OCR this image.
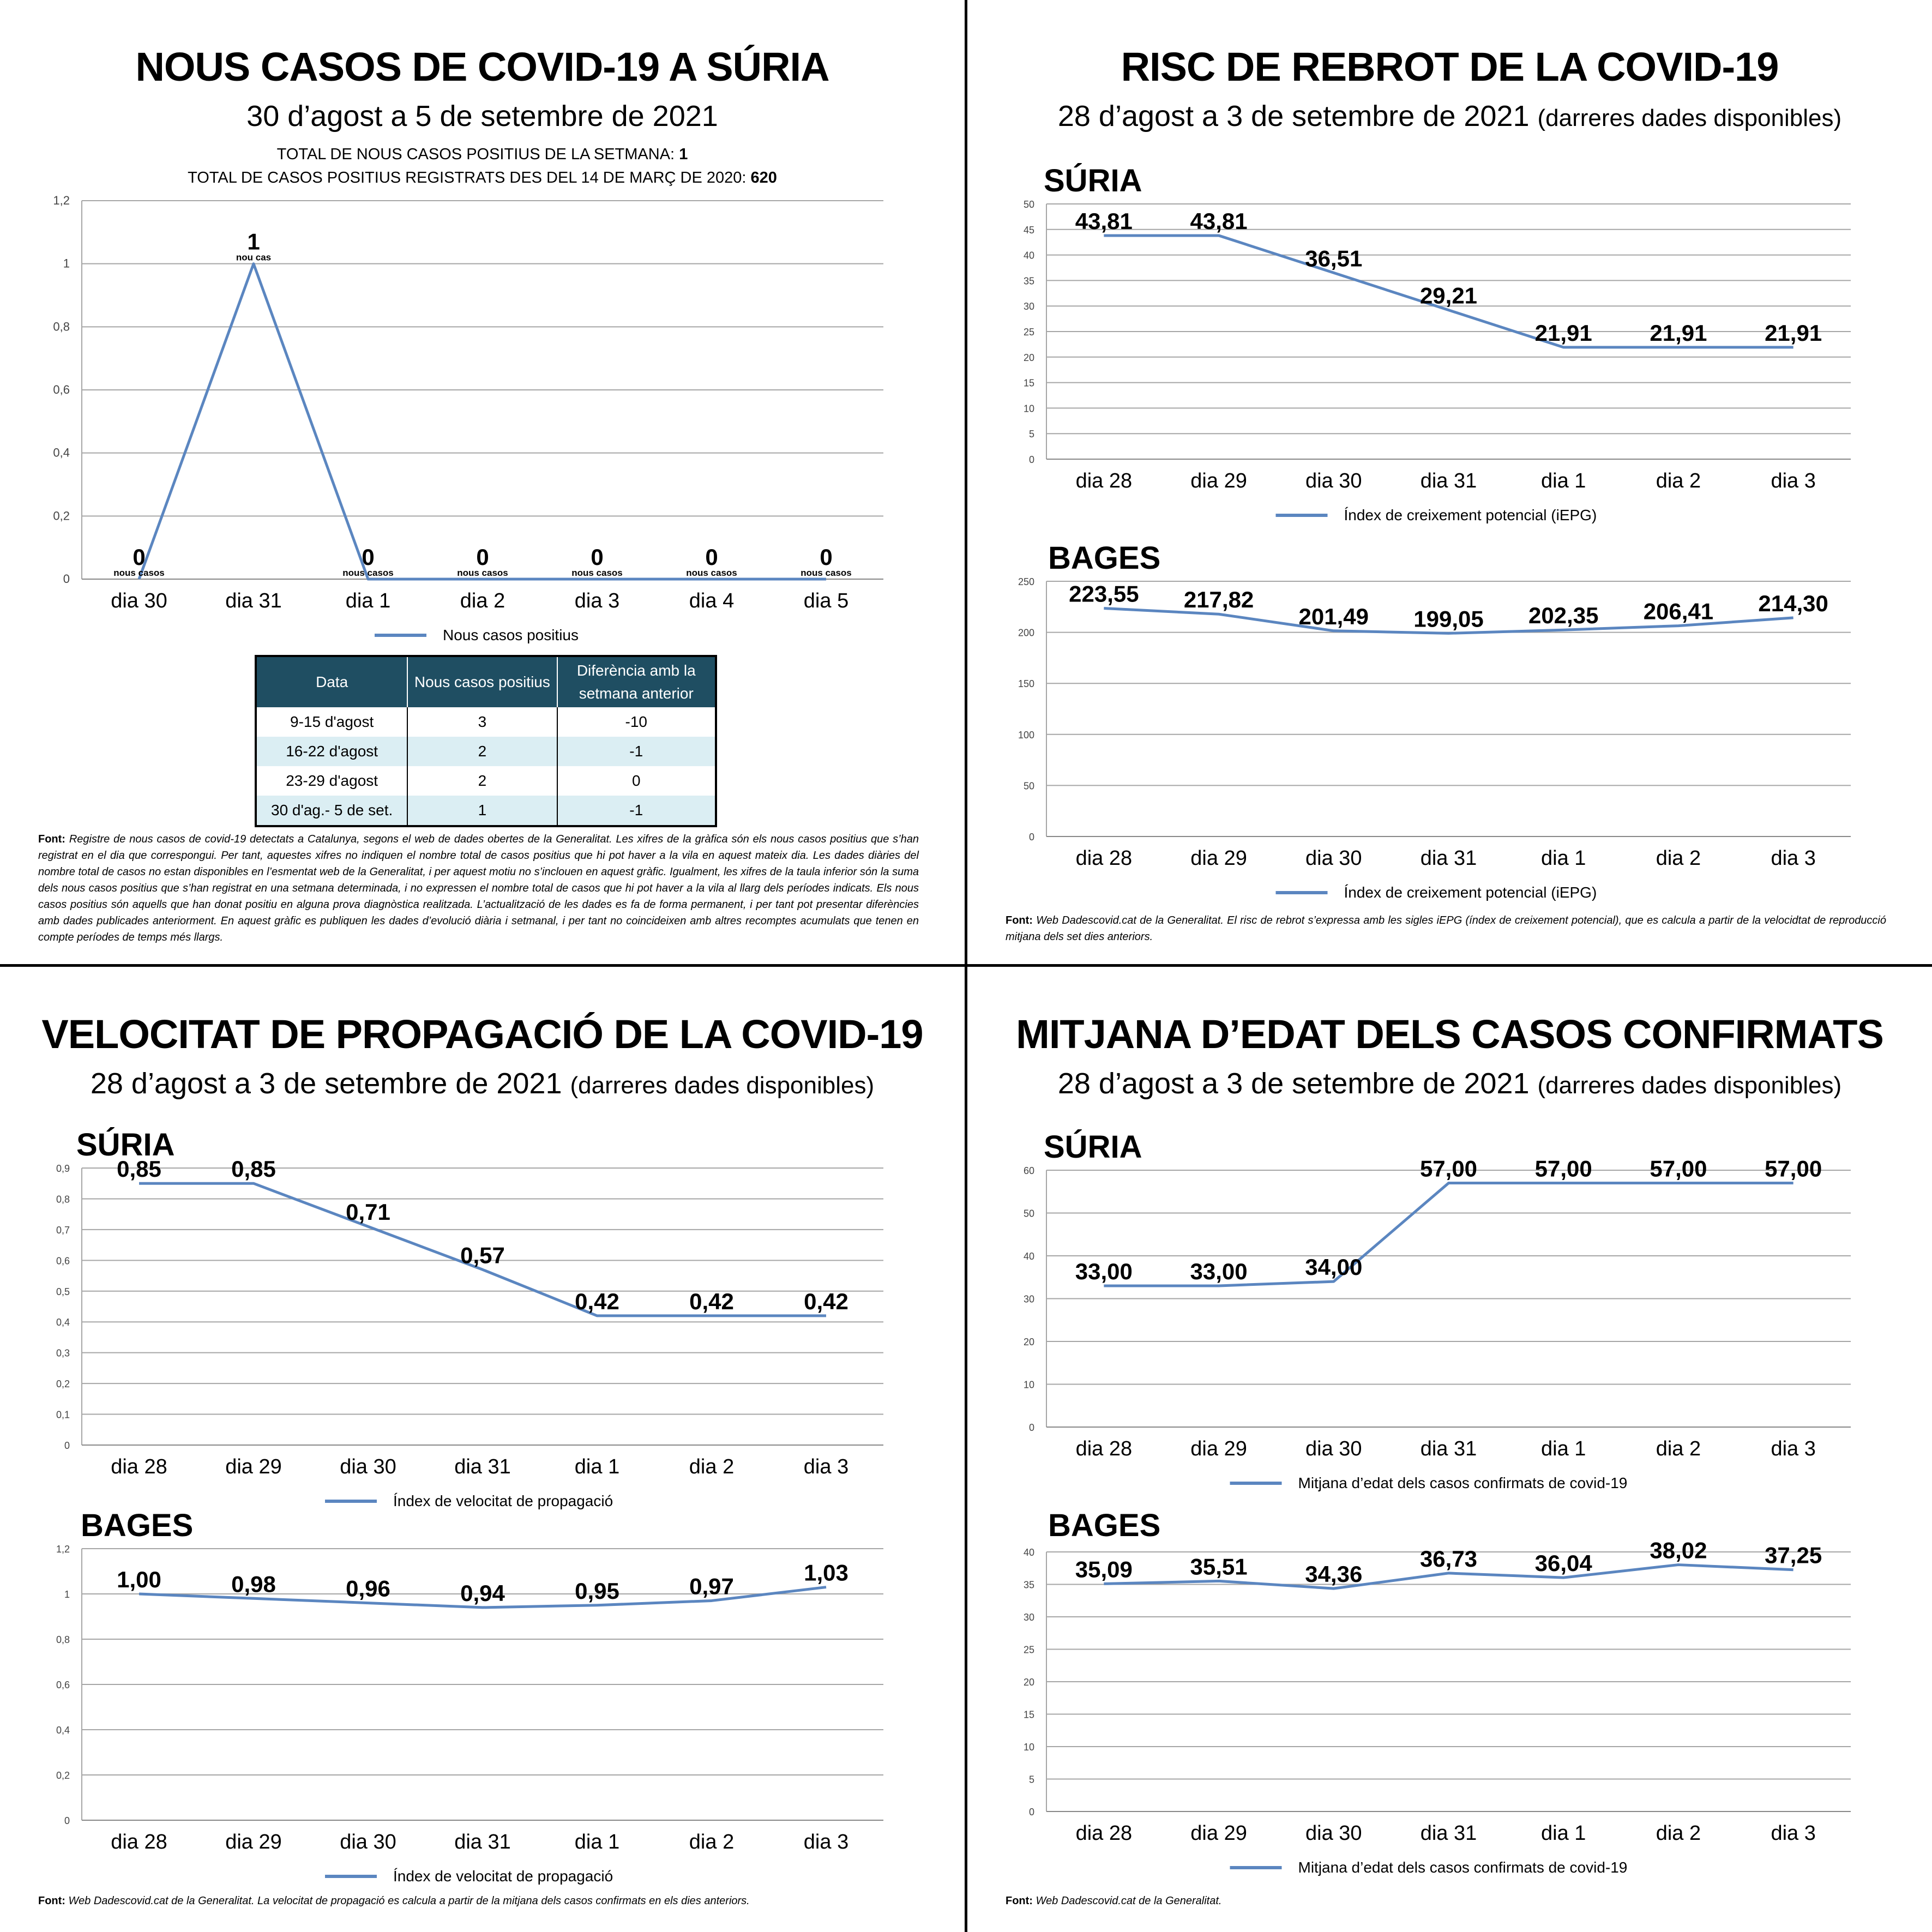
NOUS CASOS DE COVID-19 A SÚRIA
30 d’agost a 5 de setembre de 2021
TOTAL DE NOUS CASOS POSITIUS DE LA SETMANA: 1
TOTAL DE CASOS POSITIUS REGISTRATS DES DEL 14 DE MARÇ DE 2020: 620
0
0,2
0,4
0,6
0,8
1
1,2
dia 30	dia 31	dia 1	dia 2	dia 3	dia 4	dia 5
0
nous casos
1
nou cas
0
nous casos
0
nous casos
0
nous casos
0
nous casos
0
nous casos
Nous casos positius
Data	Nous casos positius	Diferència amb la setmana anterior
9-15 d'agost	3	-10
16-22 d'agost	2	-1
23-29 d'agost	2	0
30 d'ag.- 5 de set.	1	-1
Font: Registre de nous casos de covid-19 detectats a Catalunya, segons el web de dades obertes de la Generalitat. Les xifres de la gràfica són els nous casos positius que s’han registrat en el dia que correspongui. Per tant, aquestes xifres no indiquen el nombre total de casos positius que hi pot haver a la vila en aquest mateix dia. Les dades diàries del nombre total de casos no estan disponibles en l’esmentat web de la Generalitat, i per aquest motiu no s’inclouen en aquest gràfic. Igualment, les xifres de la taula inferior són la suma dels nous casos positius que s’han registrat en una setmana determinada, i no expressen el nombre total de casos que hi pot haver a la vila al llarg dels períodes indicats. Els nous casos positius són aquells que han donat positiu en alguna prova diagnòstica realitzada. L’actualització de les dades es fa de forma permanent, i per tant pot presentar diferències amb dades publicades anteriorment. En aquest gràfic es publiquen les dades d’evolució diària i setmanal, i per tant no coincideixen amb altres recomptes acumulats que tenen en compte períodes de temps més llargs.
RISC DE REBROT DE LA COVID-19
28 d’agost a 3 de setembre de 2021 (darreres dades disponibles)
SÚRIA
0
5
10
15
20
25
30
35
40
45
50
dia 28	dia 29	dia 30	dia 31	dia 1	dia 2	dia 3
43,81	43,81
36,51
29,21
21,91	21,91	21,91
Índex de creixement potencial (iEPG)
BAGES
0
50
100
150
200
250
dia 28	dia 29	dia 30	dia 31	dia 1	dia 2	dia 3
223,55 217,82
201,49 199,05 202,35 206,41 214,30
Índex de creixement potencial (iEPG)
Font: Web Dadescovid.cat de la Generalitat. El risc de rebrot s’expressa amb les sigles iEPG (índex de creixement potencial), que es calcula a partir de la velocidtat de reproducció mitjana dels set dies anteriors.
VELOCITAT DE PROPAGACIÓ DE LA COVID-19
28 d’agost a 3 de setembre de 2021 (darreres dades disponibles)
SÚRIA
0
0,1
0,2
0,3
0,4
0,5
0,6
0,7
0,8
0,9
dia 28	dia 29	dia 30	dia 31	dia 1	dia 2	dia 3
0,85	0,85
0,71
0,57
0,42	0,42	0,42
Índex de velocitat de propagació
BAGES
0
0,2
0,4
0,6
0,8
1
1,2
dia 28	dia 29	dia 30	dia 31	dia 1	dia 2	dia 3
1,00	0,98	0,96	0,94	0,95	0,97
1,03
Índex de velocitat de propagació
Font: Web Dadescovid.cat de la Generalitat. La velocitat de propagació es calcula a partir de la mitjana dels casos confirmats en els dies anteriors.
MITJANA D’EDAT DELS CASOS CONFIRMATS
28 d’agost a 3 de setembre de 2021 (darreres dades disponibles)
SÚRIA
0
10
20
30
40
50
60
dia 28	dia 29	dia 30	dia 31	dia 1	dia 2	dia 3
33,00	33,00	34,00
57,00	57,00	57,00	57,00
Mitjana d’edat dels casos confirmats de covid-19
BAGES
0
5
10
15
20
25
30
35
40
dia 28	dia 29	dia 30	dia 31	dia 1	dia 2	dia 3
35,09	35,51	34,36
36,73	36,04
38,02	37,25
Mitjana d’edat dels casos confirmats de covid-19
Font: Web Dadescovid.cat de la Generalitat.
